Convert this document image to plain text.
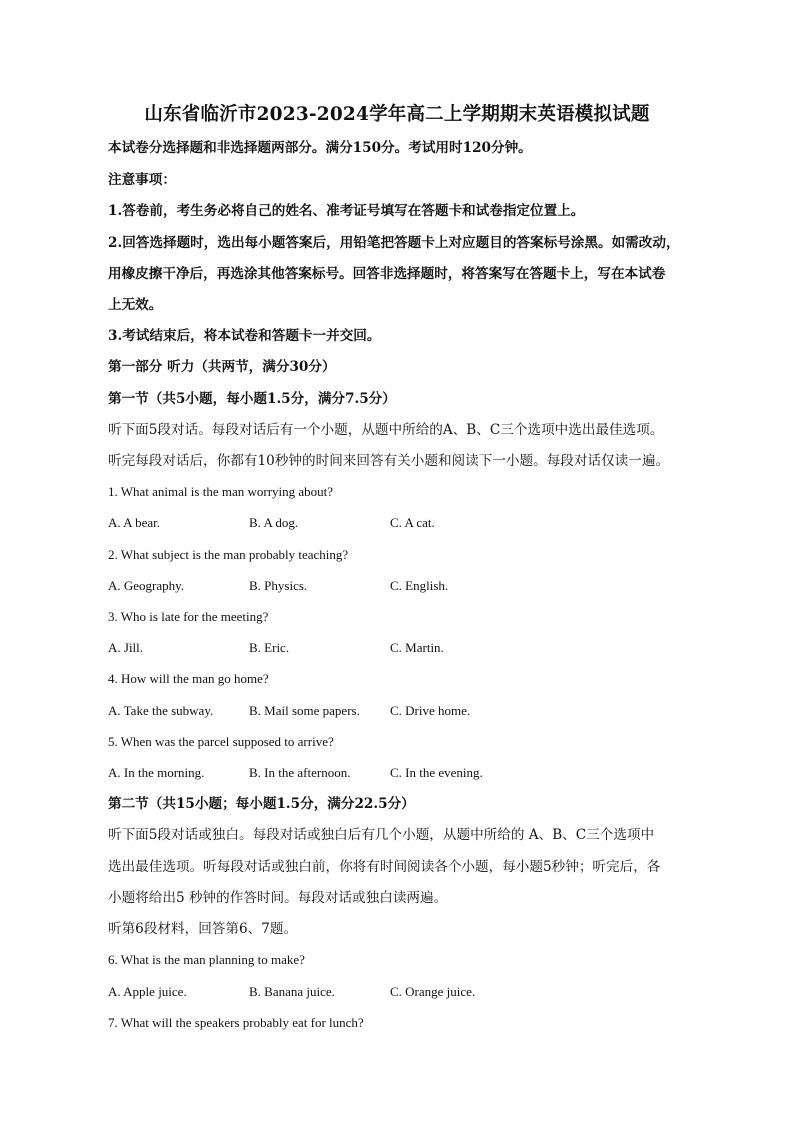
山东省临沂市2023-2024学年高二上学期期末英语模拟试题
本试卷分选择题和非选择题两部分。满分150分。考试用时120分钟。
注意事项：
1.答卷前，考生务必将自己的姓名、准考证号填写在答题卡和试卷指定位置上。
2.回答选择题时，选出每小题答案后，用铅笔把答题卡上对应题目的答案标号涂黑。如需改动，
用橡皮擦干净后，再选涂其他答案标号。回答非选择题时，将答案写在答题卡上，写在本试卷
上无效。
3.考试结束后，将本试卷和答题卡一并交回。
第一部分 听力（共两节，满分30分）
第一节（共5小题，每小题1.5分，满分7.5分）
听下面5段对话。每段对话后有一个小题，从题中所给的A、B、C三个选项中选出最佳选项。
听完每段对话后，你都有10秒钟的时间来回答有关小题和阅读下一小题。每段对话仅读一遍。
1. What animal is the man worrying about?
A. A bear.	B. A dog.	C. A cat.
2. What subject is the man probably teaching?
A. Geography.	B. Physics.	C. English.
3. Who is late for the meeting?
A. Jill.	B. Eric.	C. Martin.
4. How will the man go home?
A. Take the subway.	B. Mail some papers. C. Drive home.
5. When was the parcel supposed to arrive?
A. In the morning.	B. In the afternoon.	C. In the evening.
第二节（共15小题；每小题1.5分，满分22.5分）
听下面5段对话或独白。每段对话或独白后有几个小题，从题中所给的 A、B、C三个选项中
选出最佳选项。听每段对话或独白前，你将有时间阅读各个小题，每小题5秒钟；听完后，各
小题将给出5 秒钟的作答时间。每段对话或独白读两遍。
听第6段材料，回答第6、7题。
6. What is the man planning to make?
A. Apple juice.	B. Banana juice.	C. Orange juice.
7. What will the speakers probably eat for lunch?
